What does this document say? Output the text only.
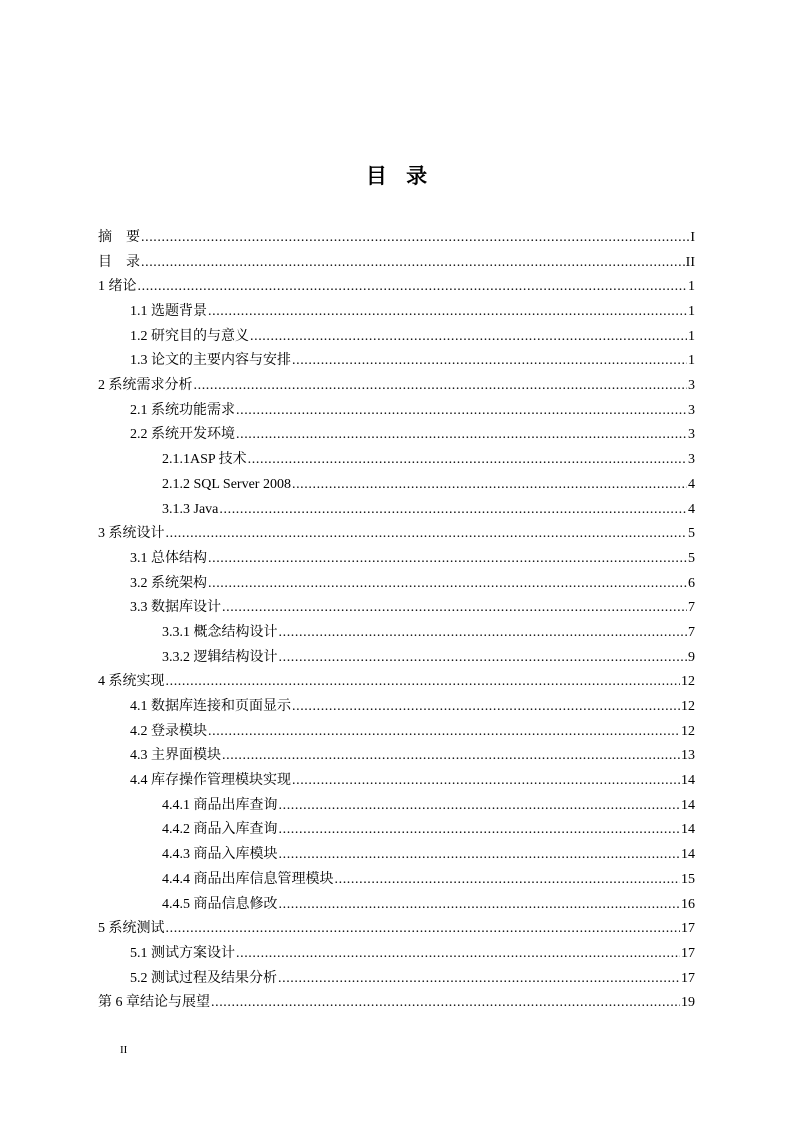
目 录
摘　要 .....	I
目　录 .....	II
1 绪论 .....	1
1.1 选题背景 .....	1
1.2 研究目的与意义 .....	1
1.3 论文的主要内容与安排 .....	1
2 系统需求分析 .....	3
2.1 系统功能需求 .....	3
2.2 系统开发环境 .....	3
2.1.1ASP 技术 .....	3
2.1.2 SQL Server 2008 .....	4
3.1.3 Java .....	4
3 系统设计 .....	5
3.1 总体结构 .....	5
3.2 系统架构 .....	6
3.3 数据库设计 .....	7
3.3.1 概念结构设计 .....	7
3.3.2 逻辑结构设计 .....	9
4 系统实现 .....	12
4.1 数据库连接和页面显示 .....	12
4.2 登录模块 .....	12
4.3 主界面模块 .....	13
4.4 库存操作管理模块实现 .....	14
4.4.1 商品出库查询 .....	14
4.4.2 商品入库查询 .....	14
4.4.3 商品入库模块 .....	14
4.4.4 商品出库信息管理模块 .....	15
4.4.5 商品信息修改 .....	16
5 系统测试 .....	17
5.1 测试方案设计 .....	17
5.2 测试过程及结果分析 .....	17
第 6 章结论与展望 .....	19
II
